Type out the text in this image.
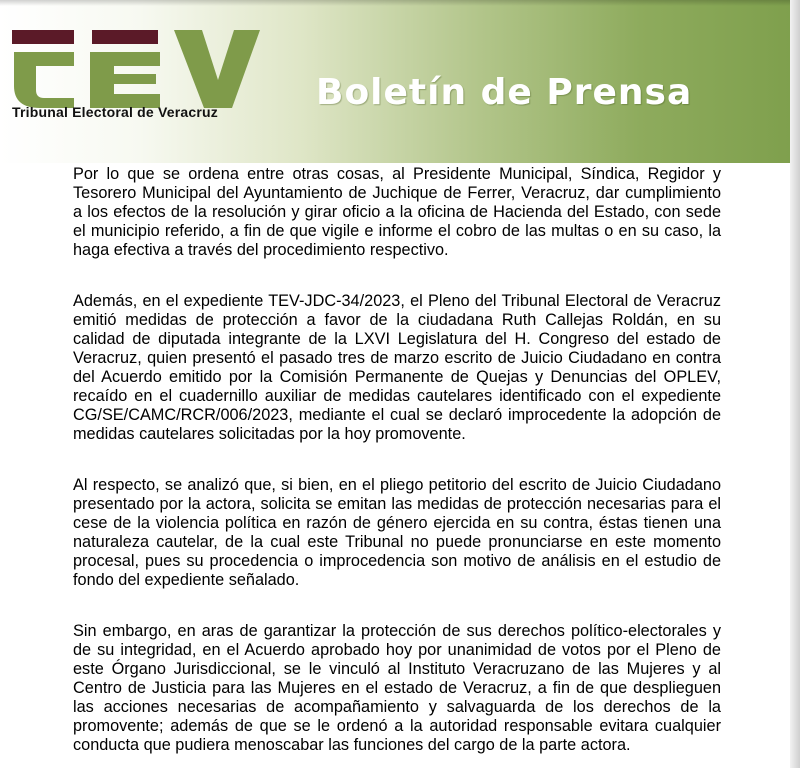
Tribunal Electoral de Veracruz	Boletín de Prensa

Por lo que se ordena entre otras cosas, al Presidente Municipal, Síndica, Regidor y Tesorero Municipal del Ayuntamiento de Juchique de Ferrer, Veracruz, dar cumplimiento a los efectos de la resolución y girar oficio a la oficina de Hacienda del Estado, con sede el municipio referido, a fin de que vigile e informe el cobro de las multas o en su caso, la haga efectiva a través del procedimiento respectivo.

Además, en el expediente TEV-JDC-34/2023, el Pleno del Tribunal Electoral de Veracruz emitió medidas de protección a favor de la ciudadana Ruth Callejas Roldán, en su calidad de diputada integrante de la LXVI Legislatura del H. Congreso del estado de Veracruz, quien presentó el pasado tres de marzo escrito de Juicio Ciudadano en contra del Acuerdo emitido por la Comisión Permanente de Quejas y Denuncias del OPLEV, recaído en el cuadernillo auxiliar de medidas cautelares identificado con el expediente CG/SE/CAMC/RCR/006/2023, mediante el cual se declaró improcedente la adopción de medidas cautelares solicitadas por la hoy promovente.

Al respecto, se analizó que, si bien, en el pliego petitorio del escrito de Juicio Ciudadano presentado por la actora, solicita se emitan las medidas de protección necesarias para el cese de la violencia política en razón de género ejercida en su contra, éstas tienen una naturaleza cautelar, de la cual este Tribunal no puede pronunciarse en este momento procesal, pues su procedencia o improcedencia son motivo de análisis en el estudio de fondo del expediente señalado.

Sin embargo, en aras de garantizar la protección de sus derechos político-electorales y de su integridad, en el Acuerdo aprobado hoy por unanimidad de votos por el Pleno de este Órgano Jurisdiccional, se le vinculó al Instituto Veracruzano de las Mujeres y al Centro de Justicia para las Mujeres en el estado de Veracruz, a fin de que desplieguen las acciones necesarias de acompañamiento y salvaguarda de los derechos de la promovente; además de que se le ordenó a la autoridad responsable evitara cualquier conducta que pudiera menoscabar las funciones del cargo de la parte actora.
